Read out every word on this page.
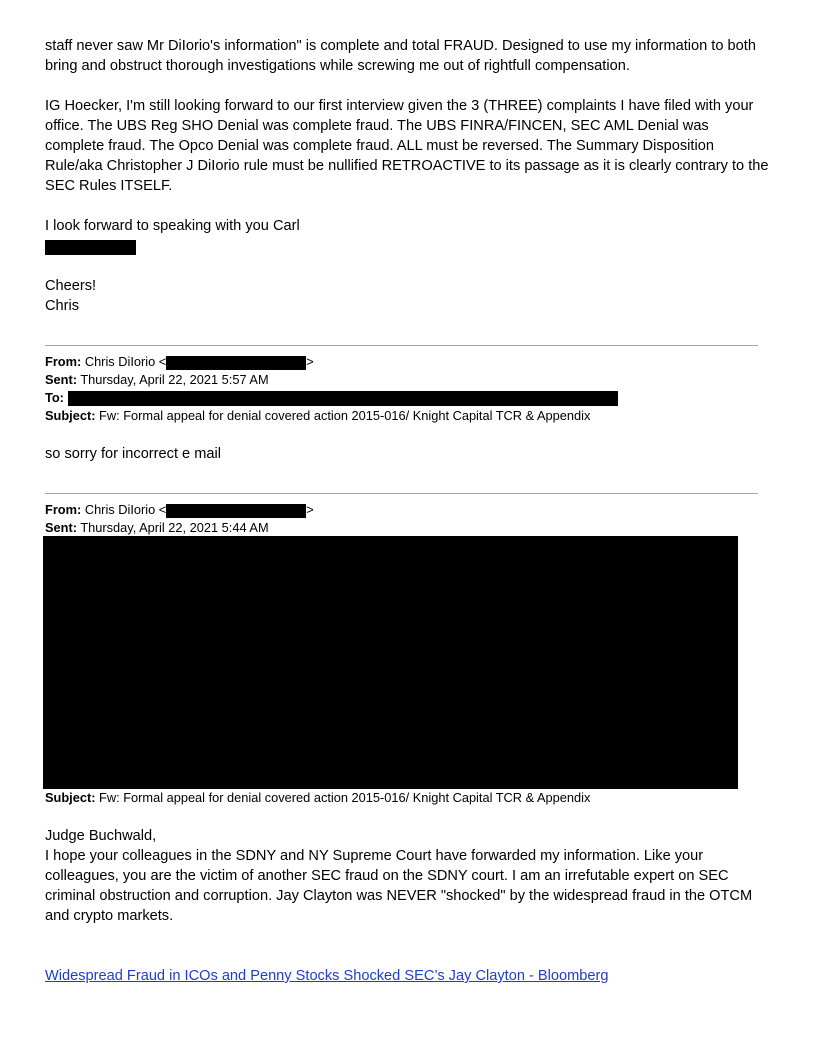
staff never saw Mr DiIorio's information" is complete and total FRAUD. Designed to use my information to both bring and obstruct thorough investigations while screwing me out of rightfull compensation.

IG Hoecker, I'm still looking forward to our first interview given the 3 (THREE) complaints I have filed with your office. The UBS Reg SHO Denial was complete fraud. The UBS FINRA/FINCEN, SEC AML Denial was complete fraud. The Opco Denial was complete fraud. ALL must be reversed. The Summary Disposition Rule/aka Christopher J DiIorio rule must be nullified RETROACTIVE to its passage as it is clearly contrary to the SEC Rules ITSELF.

I look forward to speaking with you Carl

Cheers!

Chris

From: Chris DiIorio <	>
Sent: Thursday, April 22, 2021 5:57 AM
To:
Subject: Fw: Formal appeal for denial covered action 2015-016/ Knight Capital TCR & Appendix

so sorry for incorrect e mail

From: Chris DiIorio <	>
Sent: Thursday, April 22, 2021 5:44 AM
Subject: Fw: Formal appeal for denial covered action 2015-016/ Knight Capital TCR & Appendix

Judge Buchwald,

I hope your colleagues in the SDNY and NY Supreme Court have forwarded my information. Like your colleagues, you are the victim of another SEC fraud on the SDNY court. I am an irrefutable expert on SEC criminal obstruction and corruption. Jay Clayton was NEVER "shocked" by the widespread fraud in the OTCM and crypto markets.

Widespread Fraud in ICOs and Penny Stocks Shocked SEC’s Jay Clayton - Bloomberg
